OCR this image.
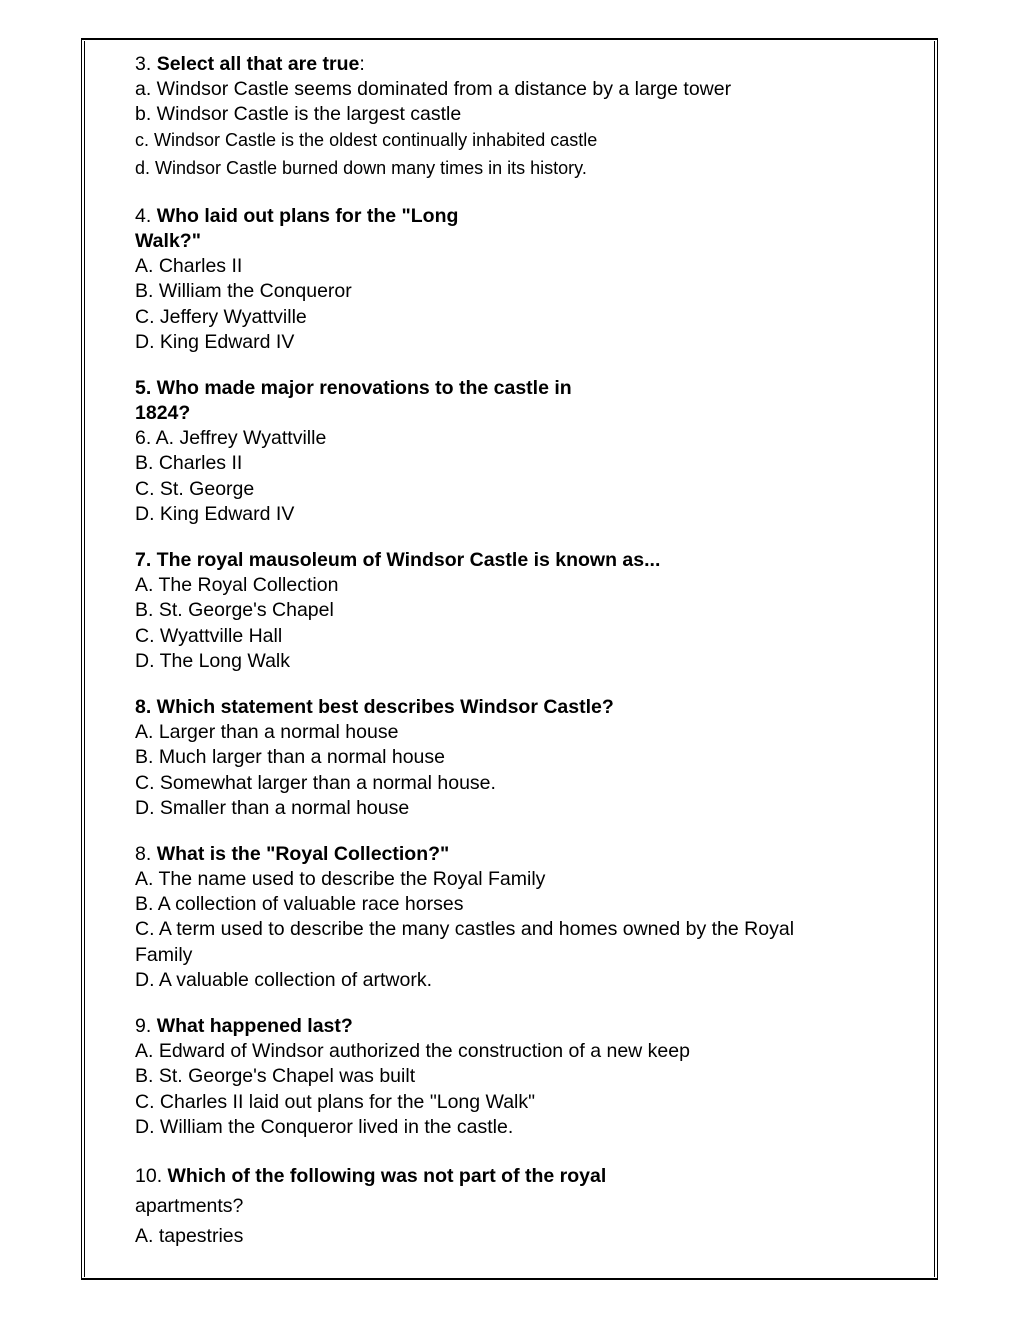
3. Select all that are true:
a. Windsor Castle seems dominated from a distance by a large tower
b. Windsor Castle is the largest castle
c. Windsor Castle is the oldest continually inhabited castle
d. Windsor Castle burned down many times in its history.
4. Who laid out plans for the "Long
Walk?"
A. Charles II
B. William the Conqueror
C. Jeffery Wyattville
D. King Edward IV
5. Who made major renovations to the castle in
1824?
6. A. Jeffrey Wyattville
B. Charles II
C. St. George
D. King Edward IV
7. The royal mausoleum of Windsor Castle is known as...
A. The Royal Collection
B. St. George's Chapel
C. Wyattville Hall
D. The Long Walk
8. Which statement best describes Windsor Castle?
A. Larger than a normal house
B. Much larger than a normal house
C. Somewhat larger than a normal house.
D. Smaller than a normal house
8. What is the "Royal Collection?"
A. The name used to describe the Royal Family
B. A collection of valuable race horses
C. A term used to describe the many castles and homes owned by the Royal
Family
D. A valuable collection of artwork.
9. What happened last?
A. Edward of Windsor authorized the construction of a new keep
B. St. George's Chapel was built
C. Charles II laid out plans for the "Long Walk"
D. William the Conqueror lived in the castle.
10. Which of the following was not part of the royal
apartments?
A. tapestries
